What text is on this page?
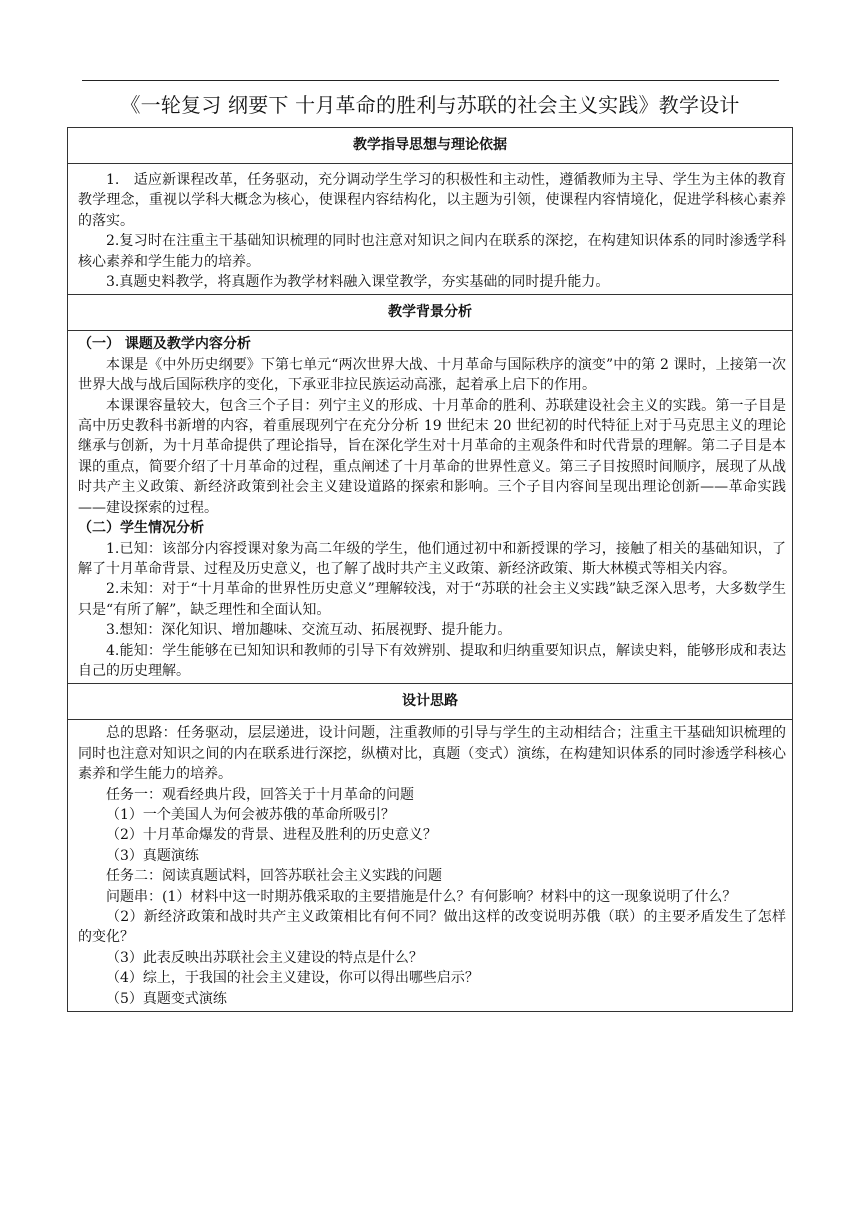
《一轮复习 纲要下 十月革命的胜利与苏联的社会主义实践》教学设计
教学指导思想与理论依据

1.　适应新课程改革，任务驱动，充分调动学生学习的积极性和主动性，遵循教师为主导、学生为主体的教育教学理念，重视以学科大概念为核心，使课程内容结构化，以主题为引领，使课程内容情境化，促进学科核心素养的落实。

2.复习时在注重主干基础知识梳理的同时也注意对知识之间内在联系的深挖，在构建知识体系的同时渗透学科核心素养和学生能力的培养。

3.真题史料教学，将真题作为教学材料融入课堂教学，夯实基础的同时提升能力。

教学背景分析

（一） 课题及教学内容分析

本课是《中外历史纲要》下第七单元“两次世界大战、十月革命与国际秩序的演变”中的第 2 课时，上接第一次世界大战与战后国际秩序的变化，下承亚非拉民族运动高涨，起着承上启下的作用。

本课课容量较大，包含三个子目：列宁主义的形成、十月革命的胜利、苏联建设社会主义的实践。第一子目是高中历史教科书新增的内容，着重展现列宁在充分分析 19 世纪末 20 世纪初的时代特征上对于马克思主义的理论继承与创新，为十月革命提供了理论指导，旨在深化学生对十月革命的主观条件和时代背景的理解。第二子目是本课的重点，简要介绍了十月革命的过程，重点阐述了十月革命的世界性意义。第三子目按照时间顺序，展现了从战时共产主义政策、新经济政策到社会主义建设道路的探索和影响。三个子目内容间呈现出理论创新——革命实践——建设探索的过程。

（二）学生情况分析

1.已知：该部分内容授课对象为高二年级的学生，他们通过初中和新授课的学习，接触了相关的基础知识，了解了十月革命背景、过程及历史意义，也了解了战时共产主义政策、新经济政策、斯大林模式等相关内容。

2.未知：对于“十月革命的世界性历史意义”理解较浅，对于“苏联的社会主义实践”缺乏深入思考，大多数学生只是“有所了解”，缺乏理性和全面认知。

3.想知：深化知识、增加趣味、交流互动、拓展视野、提升能力。

4.能知：学生能够在已知知识和教师的引导下有效辨别、提取和归纳重要知识点，解读史料，能够形成和表达自己的历史理解。

设计思路

总的思路：任务驱动，层层递进，设计问题，注重教师的引导与学生的主动相结合；注重主干基础知识梳理的同时也注意对知识之间的内在联系进行深挖，纵横对比，真题（变式）演练，在构建知识体系的同时渗透学科核心素养和学生能力的培养。

任务一：观看经典片段，回答关于十月革命的问题

（1）一个美国人为何会被苏俄的革命所吸引？

（2）十月革命爆发的背景、进程及胜利的历史意义？

（3）真题演练

任务二：阅读真题试料，回答苏联社会主义实践的问题

问题串：(1）材料中这一时期苏俄采取的主要措施是什么？有何影响？材料中的这一现象说明了什么？

（2）新经济政策和战时共产主义政策相比有何不同？做出这样的改变说明苏俄（联）的主要矛盾发生了怎样的变化？

（3）此表反映出苏联社会主义建设的特点是什么？

（4）综上，于我国的社会主义建设，你可以得出哪些启示？

（5）真题变式演练
